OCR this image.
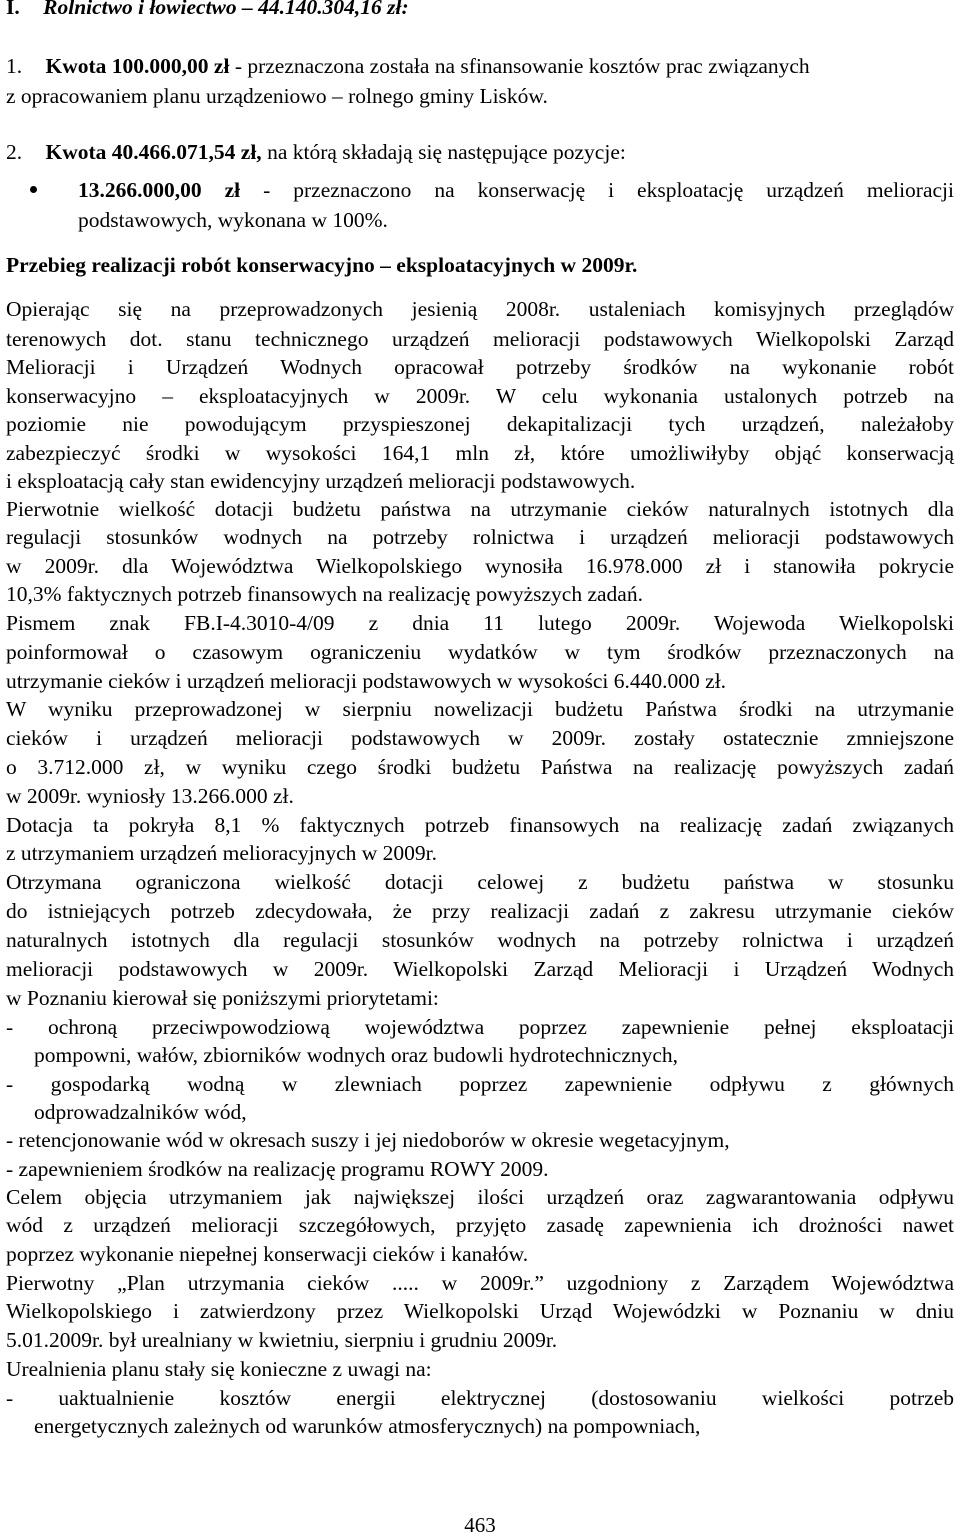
I. Rolnictwo i łowiectwo – 44.140.304,16 zł:
1. Kwota 100.000,00 zł - przeznaczona została na sfinansowanie kosztów prac związanych
z opracowaniem planu urządzeniowo – rolnego gminy Lisków.
2. Kwota 40.466.071,54 zł, na którą składają się następujące pozycje:
13.266.000,00 zł - przeznaczono na konserwację i eksploatację urządzeń melioracji
podstawowych, wykonana w 100%.
Przebieg realizacji robót konserwacyjno – eksploatacyjnych w 2009r.
Opierając się na przeprowadzonych jesienią 2008r. ustaleniach komisyjnych przeglądów
terenowych dot. stanu technicznego urządzeń melioracji podstawowych Wielkopolski Zarząd
Melioracji i Urządzeń Wodnych opracował potrzeby środków na wykonanie robót
konserwacyjno – eksploatacyjnych w 2009r. W celu wykonania ustalonych potrzeb na
poziomie nie powodującym przyspieszonej dekapitalizacji tych urządzeń, należałoby
zabezpieczyć środki w wysokości 164,1 mln zł, które umożliwiłyby objąć konserwacją
i eksploatacją cały stan ewidencyjny urządzeń melioracji podstawowych.
Pierwotnie wielkość dotacji budżetu państwa na utrzymanie cieków naturalnych istotnych dla
regulacji stosunków wodnych na potrzeby rolnictwa i urządzeń melioracji podstawowych
w 2009r. dla Województwa Wielkopolskiego wynosiła 16.978.000 zł i stanowiła pokrycie
10,3% faktycznych potrzeb finansowych na realizację powyższych zadań.
Pismem znak FB.I-4.3010-4/09 z dnia 11 lutego 2009r. Wojewoda Wielkopolski
poinformował o czasowym ograniczeniu wydatków w tym środków przeznaczonych na
utrzymanie cieków i urządzeń melioracji podstawowych w wysokości 6.440.000 zł.
W wyniku przeprowadzonej w sierpniu nowelizacji budżetu Państwa środki na utrzymanie
cieków i urządzeń melioracji podstawowych w 2009r. zostały ostatecznie zmniejszone
o 3.712.000 zł, w wyniku czego środki budżetu Państwa na realizację powyższych zadań
w 2009r. wyniosły 13.266.000 zł.
Dotacja ta pokryła 8,1 % faktycznych potrzeb finansowych na realizację zadań związanych
z utrzymaniem urządzeń melioracyjnych w 2009r.
Otrzymana ograniczona wielkość dotacji celowej z budżetu państwa w stosunku
do istniejących potrzeb zdecydowała, że przy realizacji zadań z zakresu utrzymanie cieków
naturalnych istotnych dla regulacji stosunków wodnych na potrzeby rolnictwa i urządzeń
melioracji podstawowych w 2009r. Wielkopolski Zarząd Melioracji i Urządzeń Wodnych
w Poznaniu kierował się poniższymi priorytetami:
- ochroną przeciwpowodziową województwa poprzez zapewnienie pełnej eksploatacji
pompowni, wałów, zbiorników wodnych oraz budowli hydrotechnicznych,
- gospodarką wodną w zlewniach poprzez zapewnienie odpływu z głównych
odprowadzalników wód,
- retencjonowanie wód w okresach suszy i jej niedoborów w okresie wegetacyjnym,
- zapewnieniem środków na realizację programu ROWY 2009.
Celem objęcia utrzymaniem jak największej ilości urządzeń oraz zagwarantowania odpływu
wód z urządzeń melioracji szczegółowych, przyjęto zasadę zapewnienia ich drożności nawet
poprzez wykonanie niepełnej konserwacji cieków i kanałów.
Pierwotny „Plan utrzymania cieków ..... w 2009r.” uzgodniony z Zarządem Województwa
Wielkopolskiego i zatwierdzony przez Wielkopolski Urząd Wojewódzki w Poznaniu w dniu
5.01.2009r. był urealniany w kwietniu, sierpniu i grudniu 2009r.
Urealnienia planu stały się konieczne z uwagi na:
- uaktualnienie kosztów energii elektrycznej (dostosowaniu wielkości potrzeb
energetycznych zależnych od warunków atmosferycznych) na pompowniach,
463
